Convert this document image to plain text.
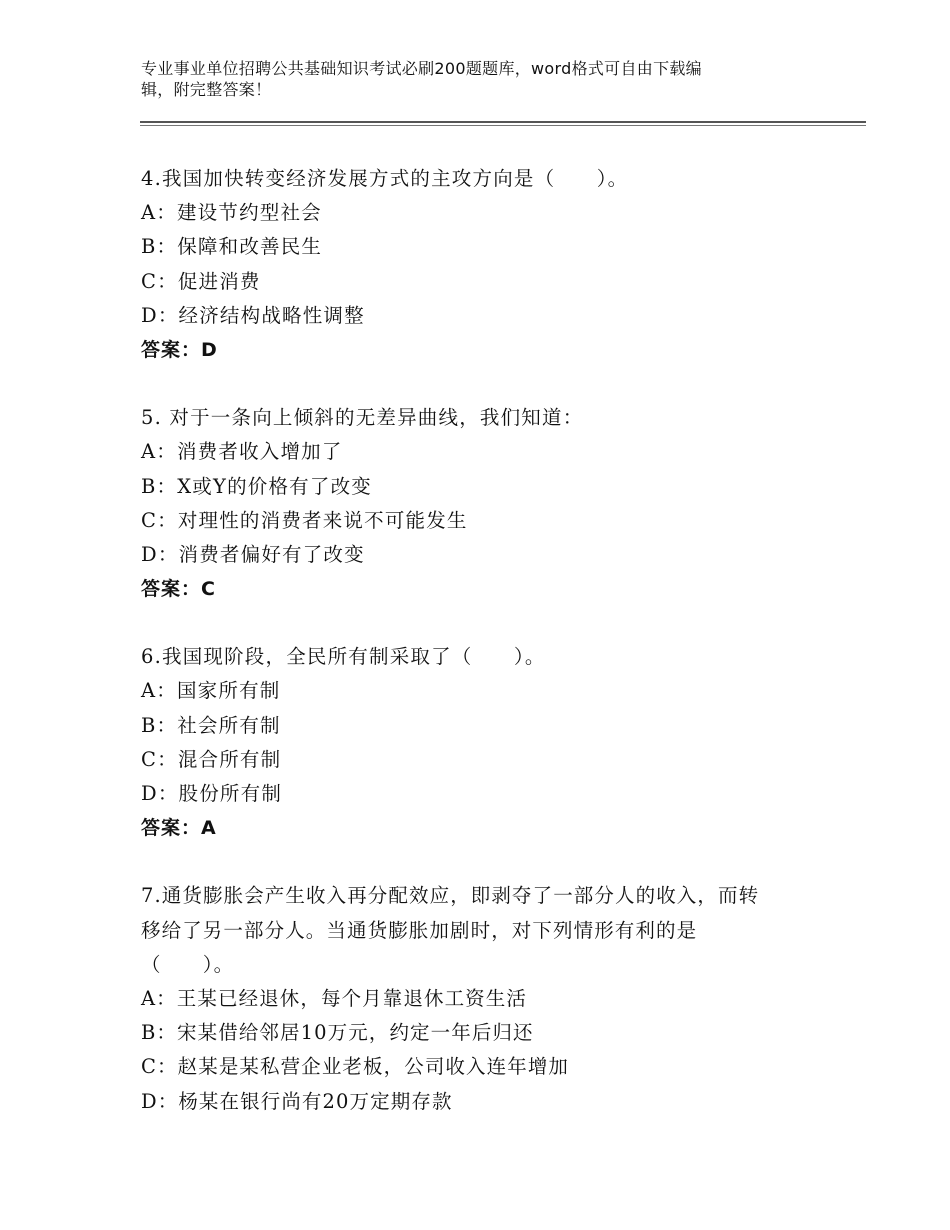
专业事业单位招聘公共基础知识考试必刷200题题库，word格式可自由下载编
辑，附完整答案！
4.我国加快转变经济发展方式的主攻方向是（　　）。
A：建设节约型社会
B：保障和改善民生
C：促进消费
D：经济结构战略性调整
答案：D
5. 对于一条向上倾斜的无差异曲线，我们知道：
A：消费者收入增加了
B：X或Y的价格有了改变
C：对理性的消费者来说不可能发生
D：消费者偏好有了改变
答案：C
6.我国现阶段，全民所有制采取了（　　）。
A：国家所有制
B：社会所有制
C：混合所有制
D：股份所有制
答案：A
7.通货膨胀会产生收入再分配效应，即剥夺了一部分人的收入，而转
移给了另一部分人。当通货膨胀加剧时，对下列情形有利的是
（　　）。
A：王某已经退休，每个月靠退休工资生活
B：宋某借给邻居10万元，约定一年后归还
C：赵某是某私营企业老板，公司收入连年增加
D：杨某在银行尚有20万定期存款
